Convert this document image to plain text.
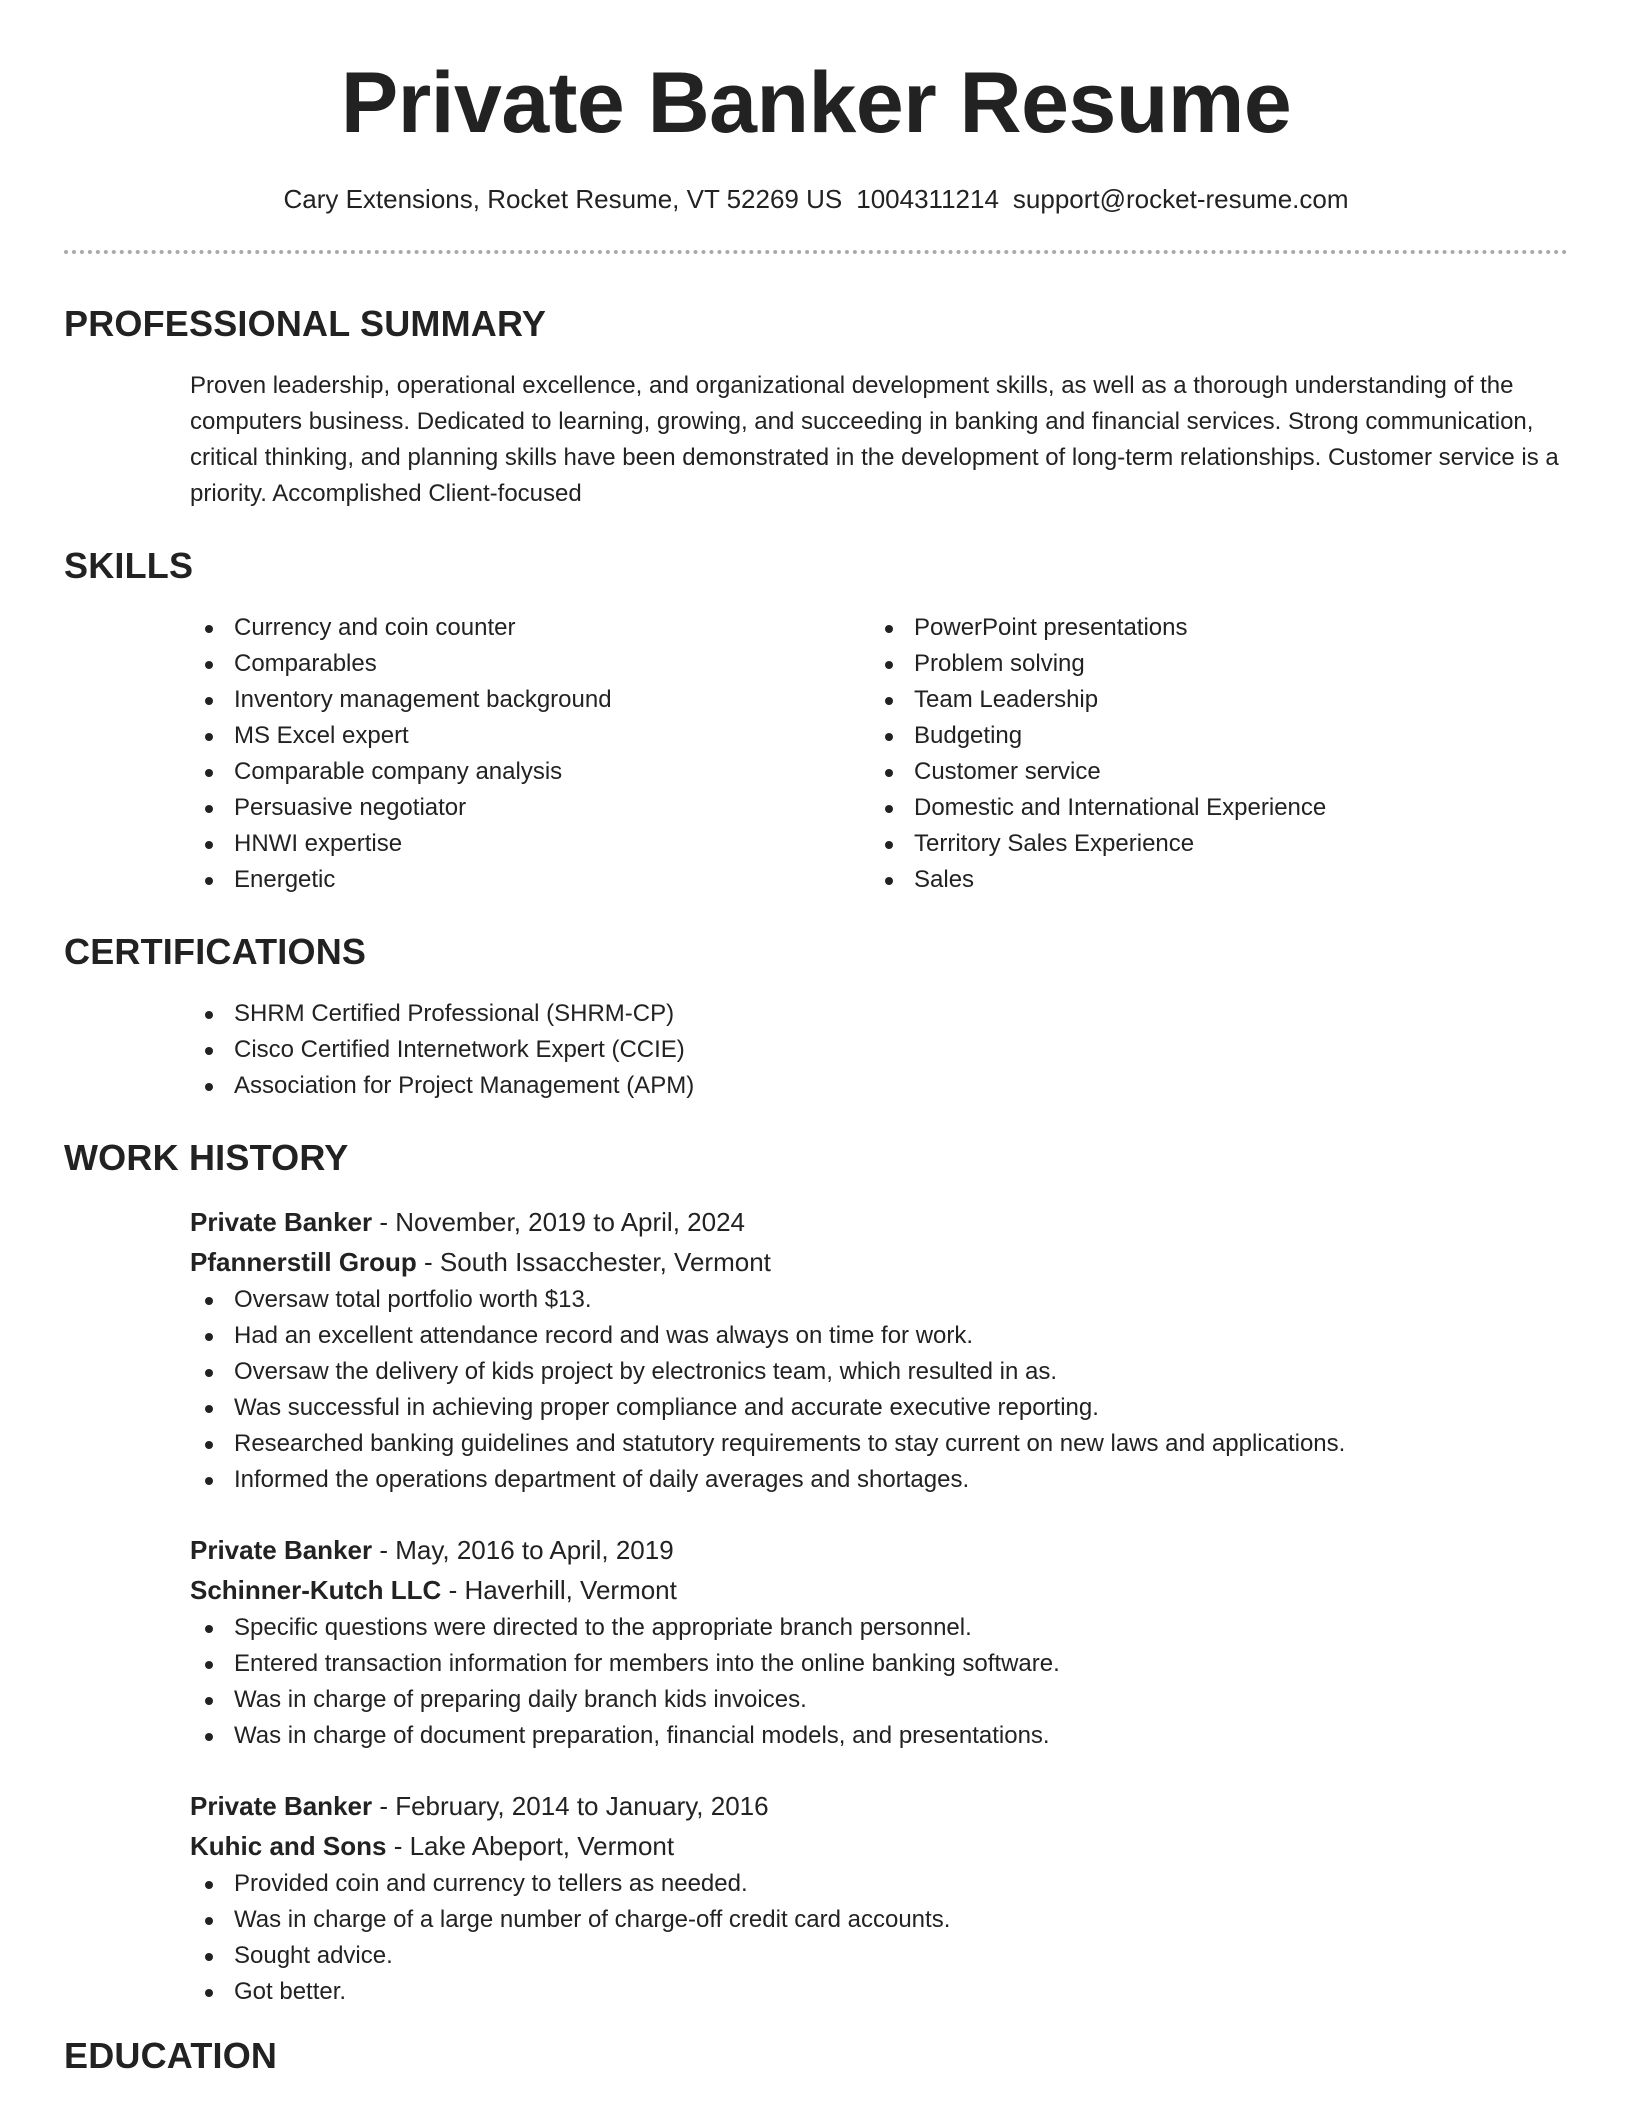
Private Banker Resume
Cary Extensions, Rocket Resume, VT 52269 US 1004311214 support@rocket-resume.com
PROFESSIONAL SUMMARY

Proven leadership, operational excellence, and organizational development skills, as well as a thorough understanding of the computers business. Dedicated to learning, growing, and succeeding in banking and financial services. Strong communication, critical thinking, and planning skills have been demonstrated in the development of long-term relationships. Customer service is a priority. Accomplished Client-focused

SKILLS
Currency and coin counter
Comparables
Inventory management background
MS Excel expert
Comparable company analysis
Persuasive negotiator
HNWI expertise
Energetic
PowerPoint presentations
Problem solving
Team Leadership
Budgeting
Customer service
Domestic and International Experience
Territory Sales Experience
Sales
CERTIFICATIONS
SHRM Certified Professional (SHRM-CP)
Cisco Certified Internetwork Expert (CCIE)
Association for Project Management (APM)
WORK HISTORY
Private Banker - November, 2019 to April, 2024
Pfannerstill Group - South Issacchester, Vermont
Oversaw total portfolio worth $13.
Had an excellent attendance record and was always on time for work.
Oversaw the delivery of kids project by electronics team, which resulted in as.
Was successful in achieving proper compliance and accurate executive reporting.
Researched banking guidelines and statutory requirements to stay current on new laws and applications.
Informed the operations department of daily averages and shortages.
Private Banker - May, 2016 to April, 2019
Schinner-Kutch LLC - Haverhill, Vermont
Specific questions were directed to the appropriate branch personnel.
Entered transaction information for members into the online banking software.
Was in charge of preparing daily branch kids invoices.
Was in charge of document preparation, financial models, and presentations.
Private Banker - February, 2014 to January, 2016
Kuhic and Sons - Lake Abeport, Vermont
Provided coin and currency to tellers as needed.
Was in charge of a large number of charge-off credit card accounts.
Sought advice.
Got better.
EDUCATION
